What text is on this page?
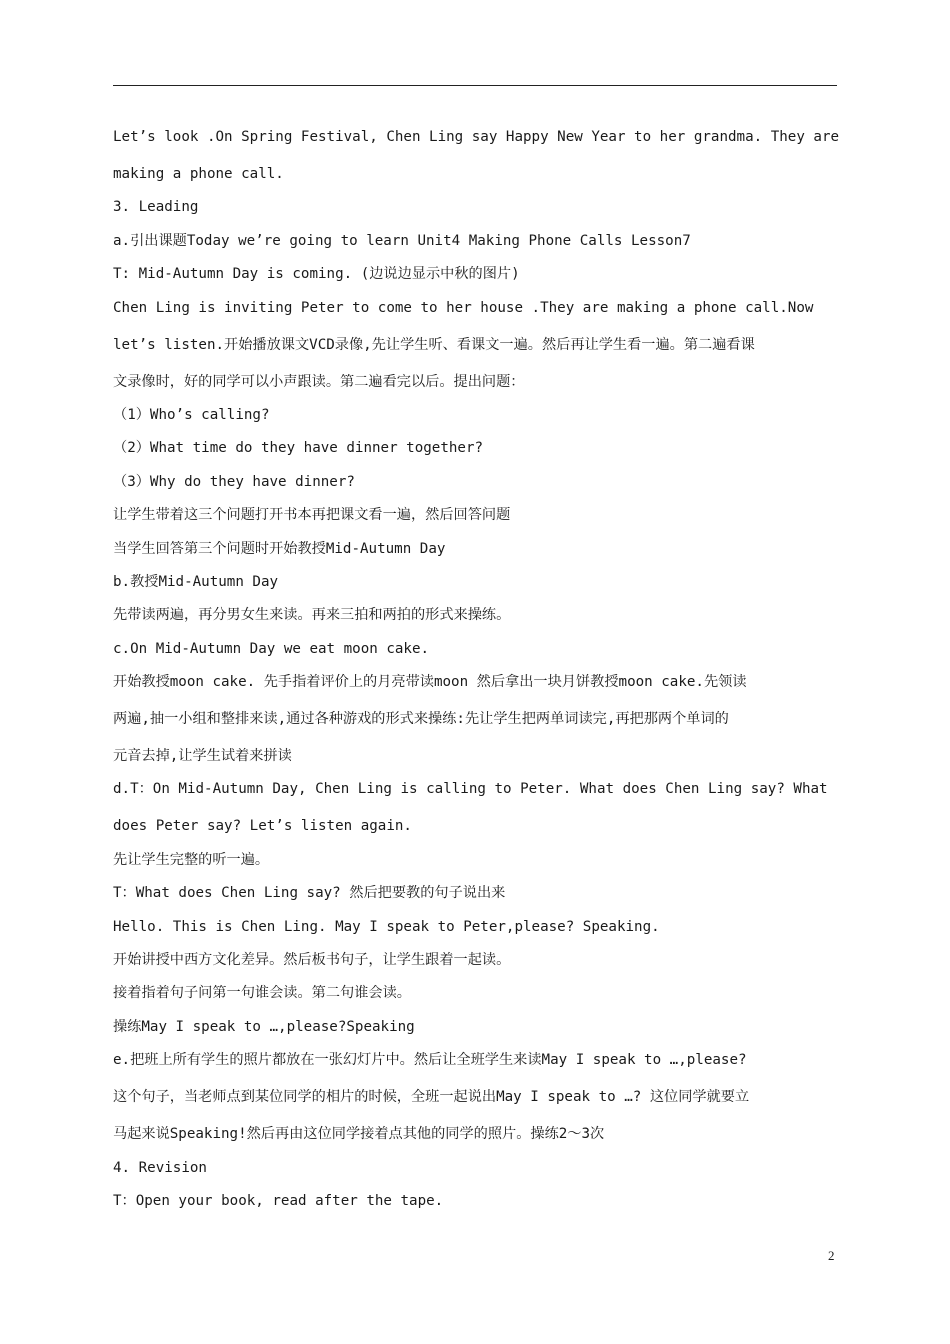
Let’s look .On Spring Festival, Chen Ling say Happy New Year to her grandma. They are
making a phone call.
3. Leading
a.引出课题Today we’re going to learn Unit4 Making Phone Calls Lesson7
T: Mid-Autumn Day is coming. (边说边显示中秋的图片)
Chen Ling is inviting Peter to come to her house .They are making a phone call.Now
let’s listen.开始播放课文VCD录像,先让学生听、看课文一遍。然后再让学生看一遍。第二遍看课
文录像时，好的同学可以小声跟读。第二遍看完以后。提出问题：
（1）Who’s calling?
（2）What time do they have dinner together?
（3）Why do they have dinner?
让学生带着这三个问题打开书本再把课文看一遍，然后回答问题
当学生回答第三个问题时开始教授Mid-Autumn Day
b.教授Mid-Autumn Day
先带读两遍，再分男女生来读。再来三拍和两拍的形式来操练。
c.On Mid-Autumn Day we eat moon cake.
开始教授moon cake. 先手指着评价上的月亮带读moon 然后拿出一块月饼教授moon cake.先领读
两遍,抽一小组和整排来读,通过各种游戏的形式来操练:先让学生把两单词读完,再把那两个单词的
元音去掉,让学生试着来拼读
d.T：On Mid-Autumn Day, Chen Ling is calling to Peter. What does Chen Ling say? What
does Peter say? Let’s listen again.
先让学生完整的听一遍。
T：What does Chen Ling say? 然后把要教的句子说出来
Hello. This is Chen Ling. May I speak to Peter,please? Speaking.
开始讲授中西方文化差异。然后板书句子，让学生跟着一起读。
接着指着句子问第一句谁会读。第二句谁会读。
操练May I speak to …,please?Speaking
e.把班上所有学生的照片都放在一张幻灯片中。然后让全班学生来读May I speak to …,please?
这个句子，当老师点到某位同学的相片的时候，全班一起说出May I speak to …? 这位同学就要立
马起来说Speaking!然后再由这位同学接着点其他的同学的照片。操练2～3次
4. Revision
T：Open your book, read after the tape.
2
